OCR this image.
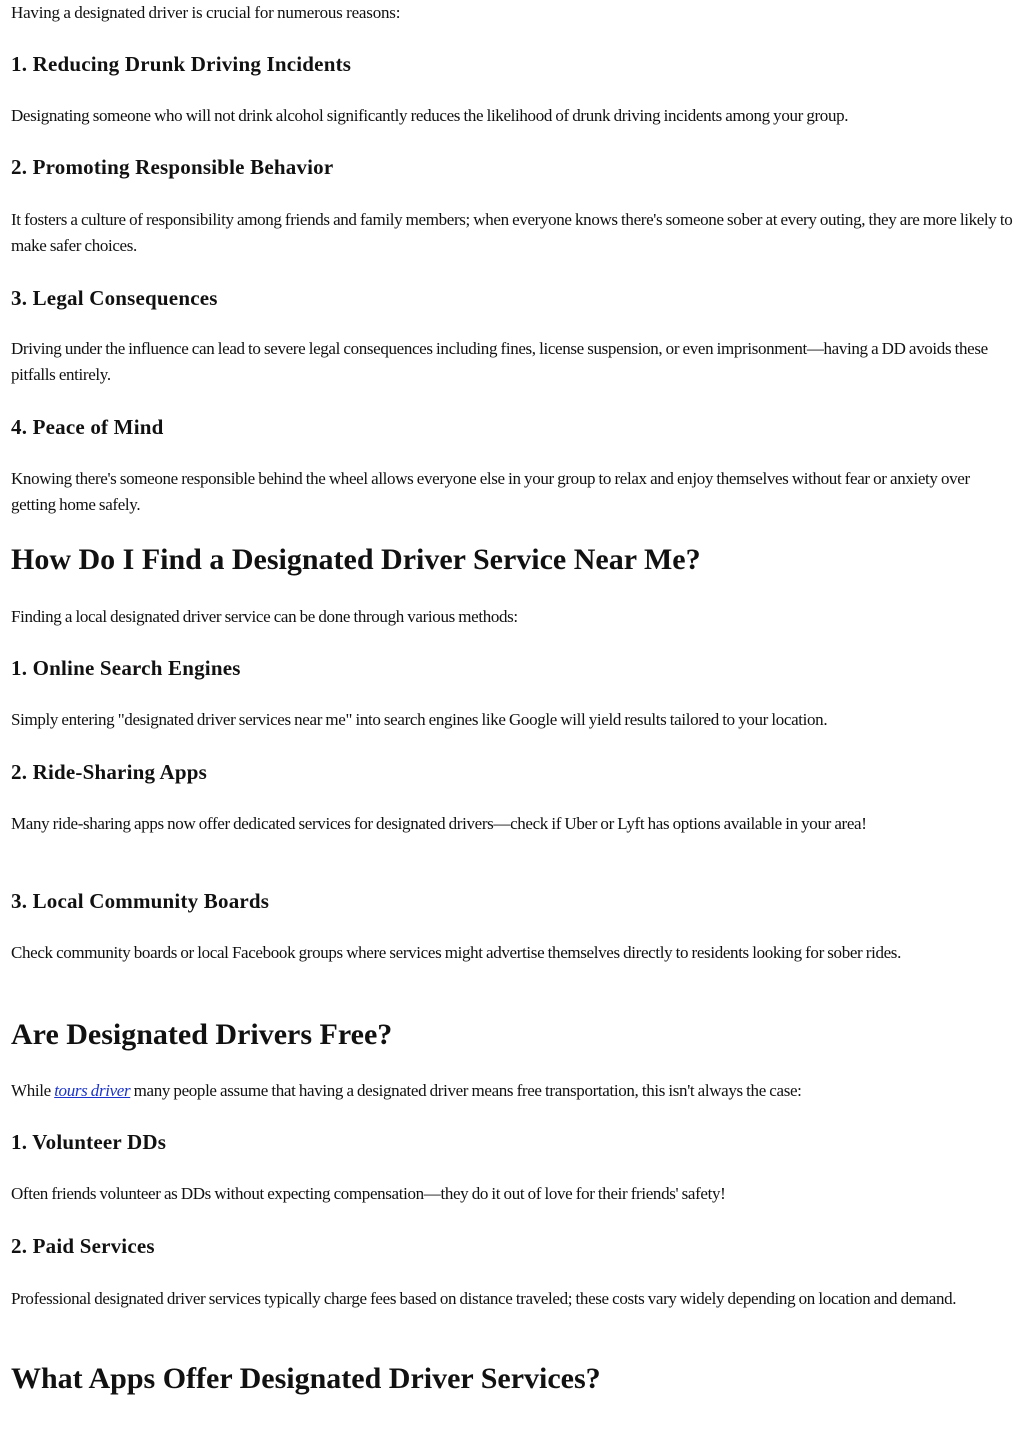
Having a designated driver is crucial for numerous reasons:

1. Reducing Drunk Driving Incidents

Designating someone who will not drink alcohol significantly reduces the likelihood of drunk driving incidents among your group.

2. Promoting Responsible Behavior

It fosters a culture of responsibility among friends and family members; when everyone knows there's someone sober at every outing, they are more likely to make safer choices.

3. Legal Consequences

Driving under the influence can lead to severe legal consequences including fines, license suspension, or even imprisonment—having a DD avoids these pitfalls entirely.

4. Peace of Mind

Knowing there's someone responsible behind the wheel allows everyone else in your group to relax and enjoy themselves without fear or anxiety over getting home safely.

How Do I Find a Designated Driver Service Near Me?

Finding a local designated driver service can be done through various methods:

1. Online Search Engines

Simply entering "designated driver services near me" into search engines like Google will yield results tailored to your location.

2. Ride-Sharing Apps

Many ride-sharing apps now offer dedicated services for designated drivers—check if Uber or Lyft has options available in your area!

3. Local Community Boards

Check community boards or local Facebook groups where services might advertise themselves directly to residents looking for sober rides.

Are Designated Drivers Free?

While tours driver many people assume that having a designated driver means free transportation, this isn't always the case:

1. Volunteer DDs

Often friends volunteer as DDs without expecting compensation—they do it out of love for their friends' safety!

2. Paid Services

Professional designated driver services typically charge fees based on distance traveled; these costs vary widely depending on location and demand.

What Apps Offer Designated Driver Services?
